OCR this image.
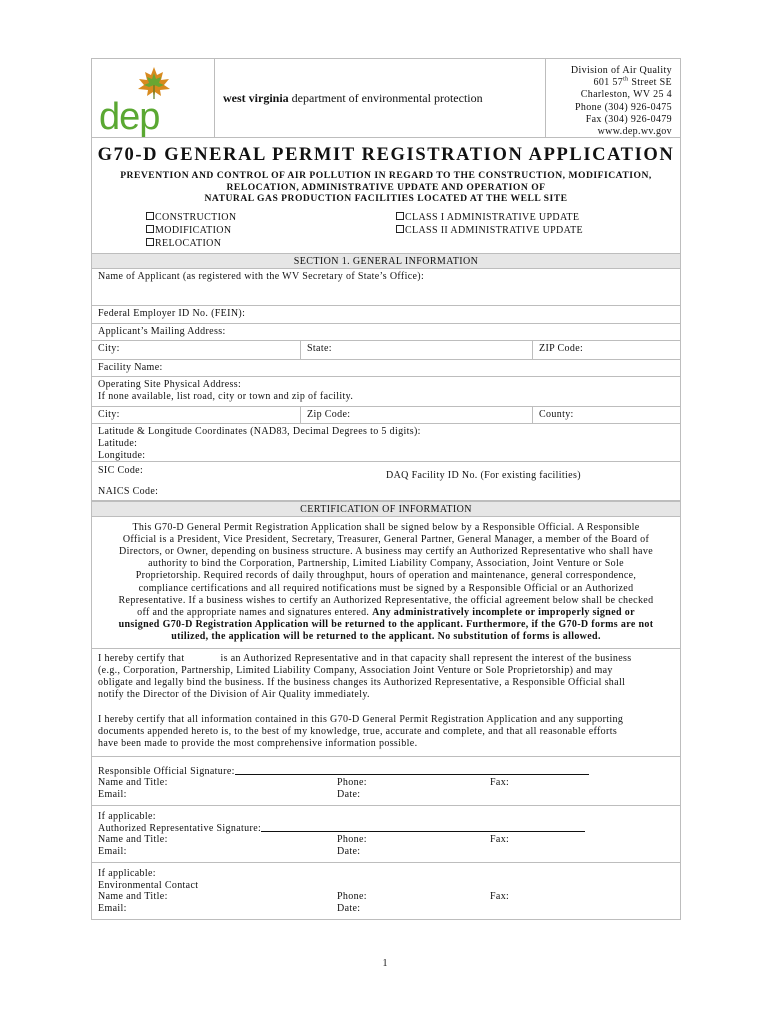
dep	west virginia department of environmental protection
Division of Air Quality
601 57th Street SE
Charleston, WV 25 4
Phone (304) 926-0475
Fax (304) 926-0479
www.dep.wv.gov
G70-D GENERAL PERMIT REGISTRATION APPLICATION
PREVENTION AND CONTROL OF AIR POLLUTION IN REGARD TO THE CONSTRUCTION, MODIFICATION,
RELOCATION, ADMINISTRATIVE UPDATE AND OPERATION OF
NATURAL GAS PRODUCTION FACILITIES LOCATED AT THE WELL SITE
CONSTRUCTION
MODIFICATION
RELOCATION
CLASS I ADMINISTRATIVE UPDATE
CLASS II ADMINISTRATIVE UPDATE
SECTION 1. GENERAL INFORMATION
Name of Applicant (as registered with the WV Secretary of State’s Office):
Federal Employer ID No. (FEIN):
Applicant’s Mailing Address:
City:	State:	ZIP Code:
Facility Name:
Operating Site Physical Address:
If none available, list road, city or town and zip of facility.
City:	Zip Code:	County:
Latitude & Longitude Coordinates (NAD83, Decimal Degrees to 5 digits):
Latitude:
Longitude:
SIC Code:	DAQ Facility ID No. (For existing facilities)
NAICS Code:
CERTIFICATION OF INFORMATION
This G70-D General Permit Registration Application shall be signed below by a Responsible Official. A Responsible
Official is a President, Vice President, Secretary, Treasurer, General Partner, General Manager, a member of the Board of
Directors, or Owner, depending on business structure. A business may certify an Authorized Representative who shall have
authority to bind the Corporation, Partnership, Limited Liability Company, Association, Joint Venture or Sole
Proprietorship. Required records of daily throughput, hours of operation and maintenance, general correspondence,
compliance certifications and all required notifications must be signed by a Responsible Official or an Authorized
Representative. If a business wishes to certify an Authorized Representative, the official agreement below shall be checked
off and the appropriate names and signatures entered. Any administratively incomplete or improperly signed or
unsigned G70-D Registration Application will be returned to the applicant. Furthermore, if the G70-D forms are not
utilized, the application will be returned to the applicant. No substitution of forms is allowed.

I hereby certify that	is an Authorized Representative and in that capacity shall represent the interest of the business
(e.g., Corporation, Partnership, Limited Liability Company, Association Joint Venture or Sole Proprietorship) and may
obligate and legally bind the business. If the business changes its Authorized Representative, a Responsible Official shall
notify the Director of the Division of Air Quality immediately.

I hereby certify that all information contained in this G70-D General Permit Registration Application and any supporting
documents appended hereto is, to the best of my knowledge, true, accurate and complete, and that all reasonable efforts
have been made to provide the most comprehensive information possible.

Responsible Official Signature:
Name and Title:	Phone:	Fax:
Email:	Date:
If applicable:
Authorized Representative Signature:
Name and Title:	Phone:	Fax:
Email:	Date:
If applicable:
Environmental Contact
Name and Title:	Phone:	Fax:
Email:	Date:
1
